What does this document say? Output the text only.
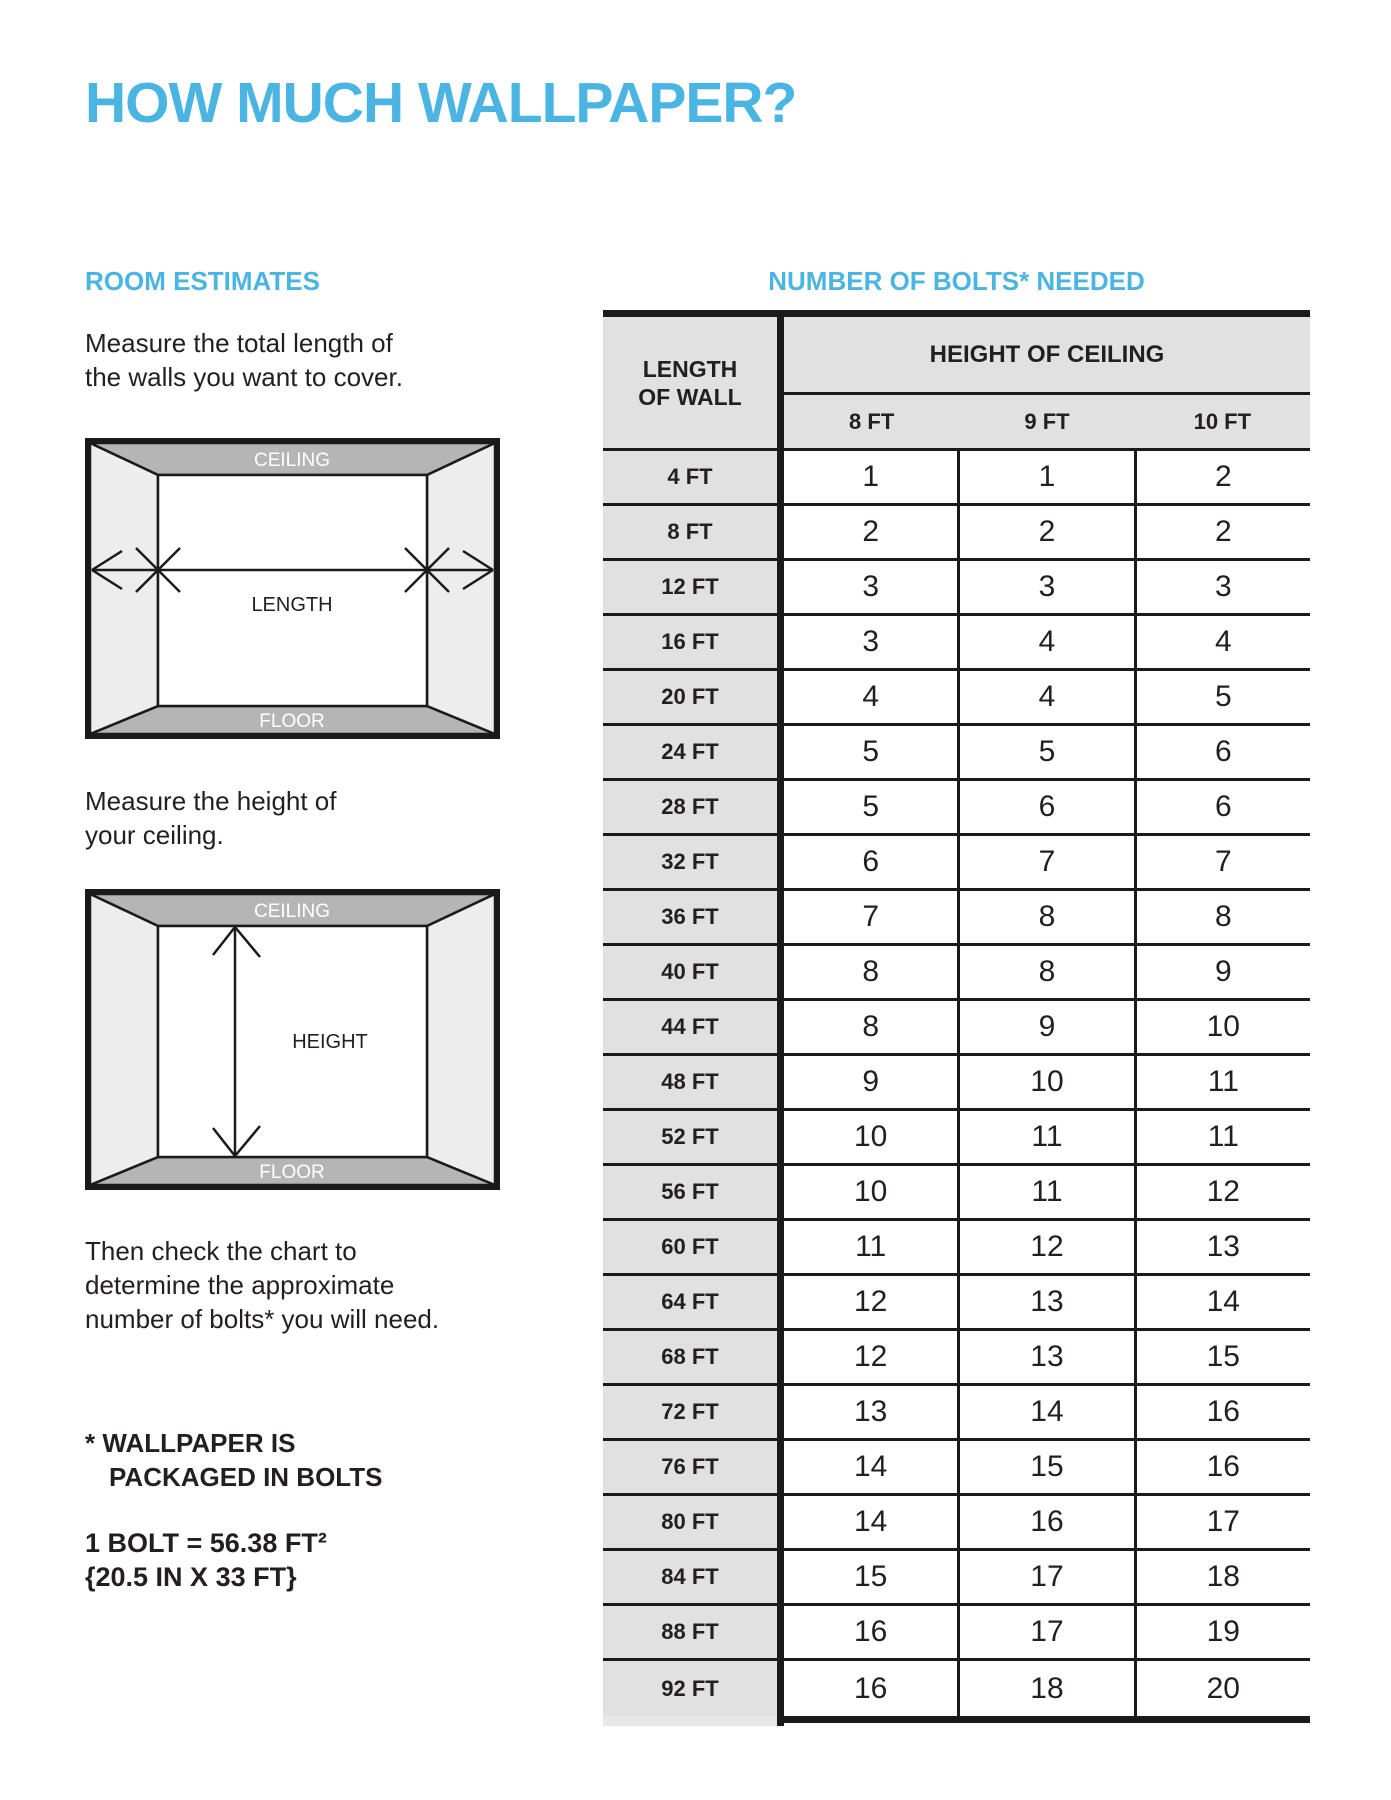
HOW MUCH WALLPAPER?
ROOM ESTIMATES	NUMBER OF BOLTS* NEEDED
Measure the total length of
the walls you want to cover.
CEILING
LENGTH
FLOOR
Measure the height of
your ceiling.
CEILING
HEIGHT
FLOOR
Then check the chart to
determine the approximate
number of bolts* you will need.
* WALLPAPER IS
PACKAGED IN BOLTS
1 BOLT = 56.38 FT²
{20.5 IN X 33 FT}
LENGTH
OF WALL
HEIGHT OF CEILING
8 FT	9 FT	10 FT
4 FT	1	1	2
8 FT	2	2	2
12 FT	3	3	3
16 FT	3	4	4
20 FT	4	4	5
24 FT	5	5	6
28 FT	5	6	6
32 FT	6	7	7
36 FT	7	8	8
40 FT	8	8	9
44 FT	8	9	10
48 FT	9	10	11
52 FT	10	11	11
56 FT	10	11	12
60 FT	11	12	13
64 FT	12	13	14
68 FT	12	13	15
72 FT	13	14	16
76 FT	14	15	16
80 FT	14	16	17
84 FT	15	17	18
88 FT	16	17	19
92 FT	16	18	20
